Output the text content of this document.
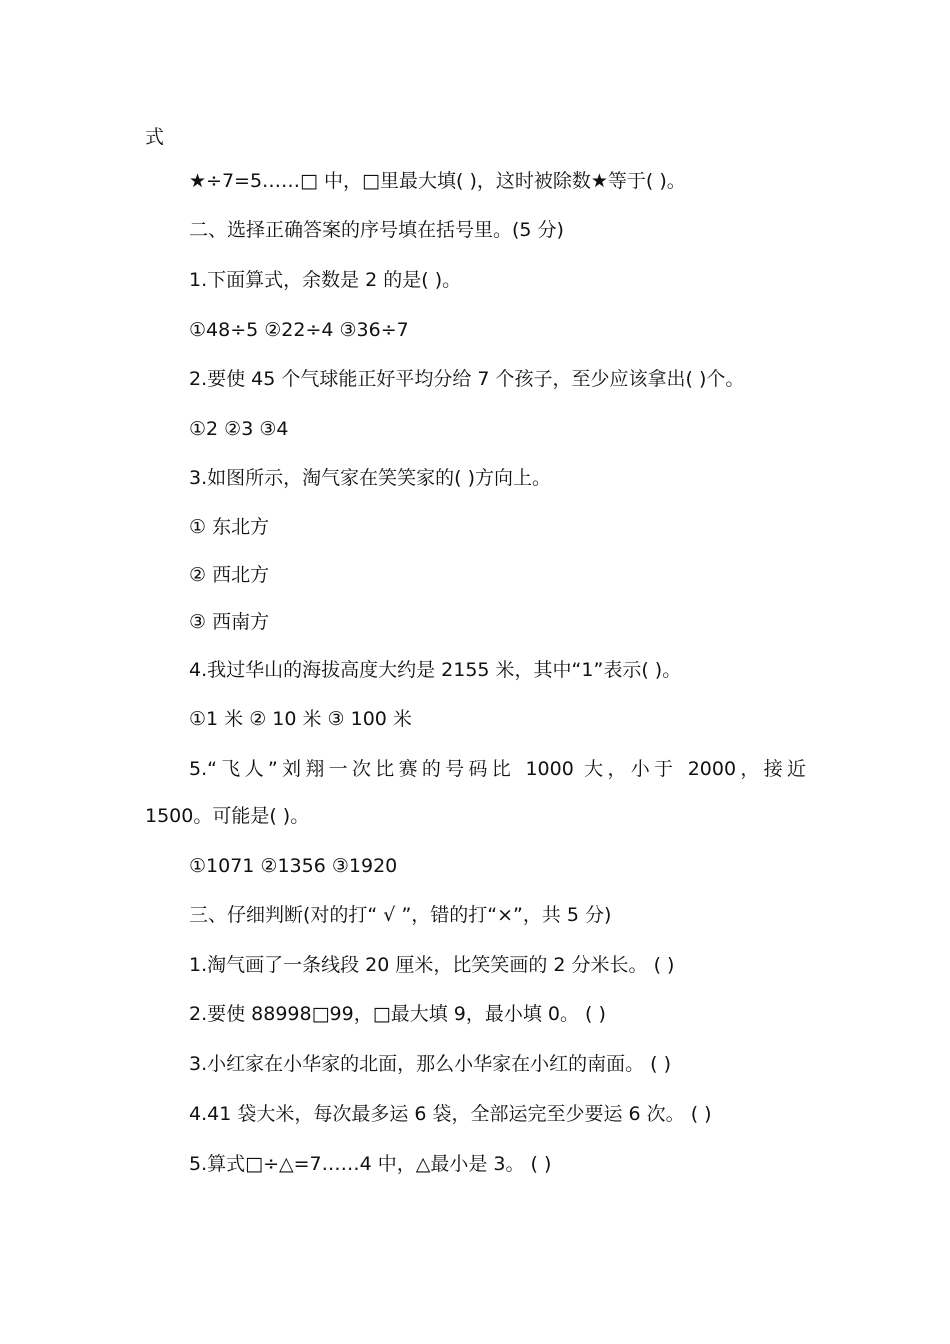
式
★÷7=5……□ 中，□里最大填( )，这时被除数★等于( )。
二、选择正确答案的序号填在括号里。(5 分)
1.下面算式，余数是 2 的是( )。
①48÷5 ②22÷4 ③36÷7
2.要使 45 个气球能正好平均分给 7 个孩子，至少应该拿出( )个。
①2 ②3 ③4
3.如图所示，淘气家在笑笑家的( )方向上。
① 东北方
② 西北方
③ 西南方
4.我过华山的海拔高度大约是 2155 米，其中“1”表示( )。
①1 米 ② 10 米 ③ 100 米
5.“飞人”刘翔一次比赛的号码比 1000 大，小于 2000，接近
1500。可能是( )。
①1071 ②1356 ③1920
三、仔细判断(对的打“ √ ”，错的打“×”，共 5 分)
1.淘气画了一条线段 20 厘米，比笑笑画的 2 分米长。 ( )
2.要使 88998□99，□最大填 9，最小填 0。 ( )
3.小红家在小华家的北面，那么小华家在小红的南面。 ( )
4.41 袋大米，每次最多运 6 袋，全部运完至少要运 6 次。 ( )
5.算式□÷△=7……4 中，△最小是 3。 ( )
